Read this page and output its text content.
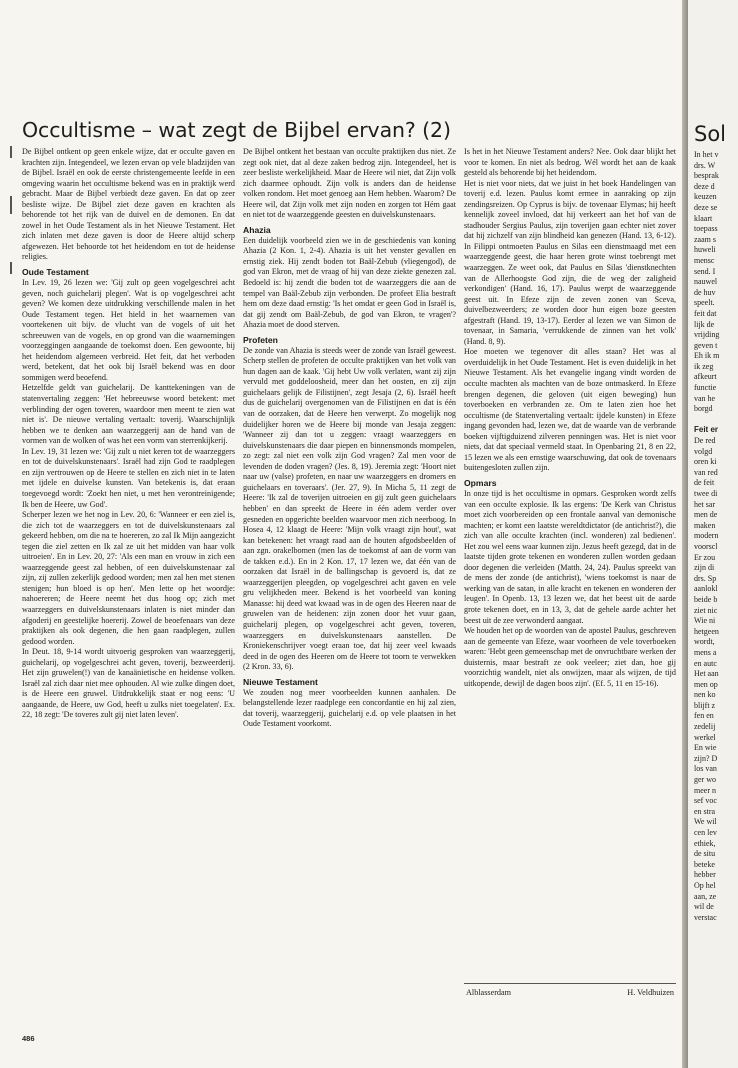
Occultisme – wat zegt de Bijbel ervan? (2)

De Bijbel ontkent op geen enkele wijze, dat er occulte gaven en krachten zijn. Integendeel, we lezen ervan op vele bladzijden van de Bijbel. Israël en ook de eerste christengemeente leefde in een omgeving waarin het occultisme bekend was en in praktijk werd gebracht. Maar de Bijbel verbiedt deze gaven. En dat op zeer besliste wijze. De Bijbel ziet deze gaven en krachten als behorende tot het rijk van de duivel en de demonen. En dat zowel in het Oude Testament als in het Nieuwe Testament. Het zich inlaten met deze gaven is door de Heere altijd scherp afgewezen. Het behoorde tot het heidendom en tot de heidense religies.

Oude Testament

In Lev. 19, 26 lezen we: 'Gij zult op geen vogelgeschrei acht geven, noch guichelarij plegen'. Wat is op vogelgeschrei acht geven? We komen deze uitdrukking verschillende malen in het Oude Testament tegen. Het hield in het waarnemen van voortekenen uit bijv. de vlucht van de vogels of uit het schreeuwen van de vogels, en op grond van die waarnemingen voorzeggingen aangaande de toekomst doen. Een gewoonte, bij het heidendom algemeen verbreid. Het feit, dat het verboden werd, betekent, dat het ook bij Israël bekend was en door sommigen werd beoefend.

Hetzelfde geldt van guichelarij. De kanttekeningen van de statenvertaling zeggen: 'Het hebreeuwse woord betekent: met verblinding der ogen toveren, waardoor men meent te zien wat niet is'. De nieuwe vertaling vertaalt: toverij. Waarschijnlijk hebben we te denken aan waarzeggerij aan de hand van de vormen van de wolken of was het een vorm van sterrenkijkerij.

In Lev. 19, 31 lezen we: 'Gij zult u niet keren tot de waarzeggers en tot de duivelskunstenaars'. Israël had zijn God te raadplegen en zijn vertrouwen op de Heere te stellen en zich niet in te laten met ijdele en duivelse kunsten. Van betekenis is, dat eraan toegevoegd wordt: 'Zoekt hen niet, u met hen verontreinigende; Ik ben de Heere, uw God'.

Scherper lezen we het nog in Lev. 20, 6: 'Wanneer er een ziel is, die zich tot de waarzeggers en tot de duivelskunstenaars zal gekeerd hebben, om die na te hoereren, zo zal Ik Mijn aangezicht tegen die ziel zetten en Ik zal ze uit het midden van haar volk uitroeien'. En in Lev. 20, 27: 'Als een man en vrouw in zich een waarzeggende geest zal hebben, of een duivelskunstenaar zal zijn, zij zullen zekerlijk gedood worden; men zal hen met stenen stenigen; hun bloed is op hen'. Men lette op het woordje: nahoereren; de Heere neemt het dus hoog op; zich met waarzeggers en duivelskunstenaars inlaten is niet minder dan afgoderij en geestelijke hoererij. Zowel de beoefenaars van deze praktijken als ook degenen, die hen gaan raadplegen, zullen gedood worden.

In Deut. 18, 9-14 wordt uitvoerig gesproken van waarzeggerij, guichelarij, op vogelgeschrei acht geven, toverij, bezweerderij. Het zijn gruwelen(!) van de kanaänietische en heidense volken. Israël zal zich daar niet mee ophouden. Al wie zulke dingen doet, is de Heere een gruwel. Uitdrukkelijk staat er nog eens: 'U aangaande, de Heere, uw God, heeft u zulks niet toegelaten'. Ex. 22, 18 zegt: 'De toveres zult gij niet laten leven'.

De Bijbel ontkent het bestaan van occulte praktijken dus niet. Ze zegt ook niet, dat al deze zaken bedrog zijn. Integendeel, het is zeer besliste werkelijkheid. Maar de Heere wil niet, dat Zijn volk zich daarmee ophoudt. Zijn volk is anders dan de heidense volken rondom. Het moet genoeg aan Hem hebben. Waarom? De Heere wil, dat Zijn volk met zijn noden en zorgen tot Hém gaat en niet tot de waarzeggende geesten en duivelskunstenaars.

Ahazia

Een duidelijk voorbeeld zien we in de geschiedenis van koning Ahazia (2 Kon. 1, 2-4). Ahazia is uit het venster gevallen en ernstig ziek. Hij zendt boden tot Baäl-Zebub (vliegengod), de god van Ekron, met de vraag of hij van deze ziekte genezen zal. Bedoeld is: hij zendt die boden tot de waarzeggers die aan de tempel van Baäl-Zebub zijn verbonden. De profeet Elia bestraft hem om deze daad ernstig: 'Is het omdat er geen God in Israël is, dat gij zendt om Baäl-Zebub, de god van Ekron, te vragen'? Ahazia moet de dood sterven.

Profeten

De zonde van Ahazia is steeds weer de zonde van Israël geweest. Scherp stellen de profeten de occulte praktijken van het volk van hun dagen aan de kaak. 'Gij hebt Uw volk verlaten, want zij zijn vervuld met goddeloosheid, meer dan het oosten, en zij zijn guichelaars gelijk de Filistijnen', zegt Jesaja (2, 6). Israël heeft dus de guichelarij overgenomen van de Filistijnen en dat is één van de oorzaken, dat de Heere hen verwerpt. Zo mogelijk nog duidelijker horen we de Heere bij monde van Jesaja zeggen: 'Wanneer zij dan tot u zeggen: vraagt waarzeggers en duivelskunstenaars die daar piepen en binnensmonds mompelen, zo zegt: zal niet een volk zijn God vragen? Zal men voor de levenden de doden vragen? (Jes. 8, 19). Jeremia zegt: 'Hoort niet naar uw (valse) profeten, en naar uw waarzeggers en dromers en guichelaars en toveraars'. (Jer. 27, 9). In Micha 5, 11 zegt de Heere: 'Ik zal de toverijen uitroeien en gij zult geen guichelaars hebben' en dan spreekt de Heere in één adem verder over gesneden en opgerichte beelden waarvoor men zich neerboog. In Hosea 4, 12 klaagt de Heere: 'Mijn volk vraagt zijn hout', wat kan betekenen: het vraagt raad aan de houten afgodsbeelden of aan zgn. orakelbomen (men las de toekomst af aan de vorm van de takken e.d.). En in 2 Kon. 17, 17 lezen we, dat één van de oorzaken dat Israël in de ballingschap is gevoerd is, dat ze waarzeggerijen pleegden, op vogelgeschrei acht gaven en vele gru velijkheden meer. Bekend is het voorbeeld van koning Manasse: hij deed wat kwaad was in de ogen des Heeren naar de gruwelen van de heidenen: zijn zonen door het vuur gaan, guichelarij plegen, op vogelgeschrei acht geven, toveren, waarzeggers en duivelskunstenaars aanstellen. De Kroniekenschrijver voegt eraan toe, dat hij zeer veel kwaads deed in de ogen des Heeren om de Heere tot toorn te verwekken (2 Kron. 33, 6).

Nieuwe Testament

We zouden nog meer voorbeelden kunnen aanhalen. De belangstellende lezer raadplege een concordantie en hij zal zien, dat toverij, waarzeggerij, guichelarij e.d. op vele plaatsen in het Oude Testament voorkomt.

Is het in het Nieuwe Testament anders? Nee. Ook daar blijkt het voor te komen. En niet als bedrog. Wél wordt het aan de kaak gesteld als behorende bij het heidendom.

Het is niet voor niets, dat we juist in het boek Handelingen van toverij e.d. lezen. Paulus komt ermee in aanraking op zijn zendingsreizen. Op Cyprus is bijv. de tovenaar Elymas; hij heeft kennelijk zoveel invloed, dat hij verkeert aan het hof van de stadhouder Sergius Paulus, zijn toverijen gaan echter niet zover dat hij zichzelf van zijn blindheid kan genezen (Hand. 13, 6-12). In Filippi ontmoeten Paulus en Silas een dienstmaagd met een waarzeggende geest, die haar heren grote winst toebrengt met waarzeggen. Ze weet ook, dat Paulus en Silas 'dienstknechten van de Allerhoogste God zijn, die de weg der zaligheid verkondigen' (Hand. 16, 17). Paulus werpt de waarzeggende geest uit. In Efeze zijn de zeven zonen van Sceva, duivelbezweerders; ze worden door hun eigen boze geesten afgestraft (Hand. 19, 13-17). Eerder al lezen we van Simon de tovenaar, in Samaria, 'verrukkende de zinnen van het volk' (Hand. 8, 9).

Hoe moeten we tegenover dit alles staan? Het was al overduidelijk in het Oude Testament. Het is even duidelijk in het Nieuwe Testament. Als het evangelie ingang vindt worden de occulte machten als machten van de boze ontmaskerd. In Efeze brengen degenen, die geloven (uit eigen beweging) hun toverboeken en verbranden ze. Om te laten zien hoe het occultisme (de Statenvertaling vertaalt: ijdele kunsten) in Efeze ingang gevonden had, lezen we, dat de waarde van de verbrande boeken vijftigduizend zilveren penningen was. Het is niet voor niets, dat dat speciaal vermeld staat. In Openbaring 21, 8 en 22, 15 lezen we als een ernstige waarschuwing, dat ook de tovenaars buitengesloten zullen zijn.

Opmars

In onze tijd is het occultisme in opmars. Gesproken wordt zelfs van een occulte explosie. Ik las ergens: 'De Kerk van Christus moet zich voorbereiden op een frontale aanval van demonische machten; er komt een laatste wereldtdictator (de antichrist?), die zich van alle occulte krachten (incl. wonderen) zal bedienen'. Het zou wel eens waar kunnen zijn. Jezus heeft gezegd, dat in de laatste tijden grote tekenen en wonderen zullen worden gedaan door degenen die verleiden (Matth. 24, 24). Paulus spreekt van de mens der zonde (de antichrist), 'wiens toekomst is naar de werking van de satan, in alle kracht en tekenen en wonderen der leugen'. In Openb. 13, 13 lezen we, dat het beest uit de aarde grote tekenen doet, en in 13, 3, dat de gehele aarde achter het beest uit de zee verwonderd aangaat.

We houden het op de woorden van de apostel Paulus, geschreven aan de gemeente van Efeze, waar voorheen de vele toverboeken waren: 'Hebt geen gemeenschap met de onvruchtbare werken der duisternis, maar bestraft ze ook veeleer; ziet dan, hoe gij voorzichtig wandelt, niet als onwijzen, maar als wijzen, de tijd uitkopende, dewijl de dagen boos zijn'. (Ef. 5, 11 en 15-16).

Alblasserdam	H. Veldhuizen
486
Sol
In het v
drs. W
besprak
deze d
keuzen
deze se
klaart
toepass
zaam s
huweli
mensc
send. I
nauwel
de huv
speelt.
feit dat
lijk de
vrijding
geven t
Eh ik m
ik zeg
afkeurt
functie
van he
borgd
Feit er
De red
volgd
oren ki
van red
de feit
twee di
het sar
men de
maken
modern
voorscl
Er zou
zijn di
drs. Sp
aanlokl
beide b
ziet nic
Wie ni
hetgeen
wordt,
mens a
en autc
Het aan
men op
nen ko
blijft z
fen en
zedelij
werkel
En wie
zijn? D
los van
ger wo
meer n
sef voc
en stra
We wil
cen lev
ethiek,
de situ
beteke
hebber
Op hel
aan, ze
wil de
verstac
